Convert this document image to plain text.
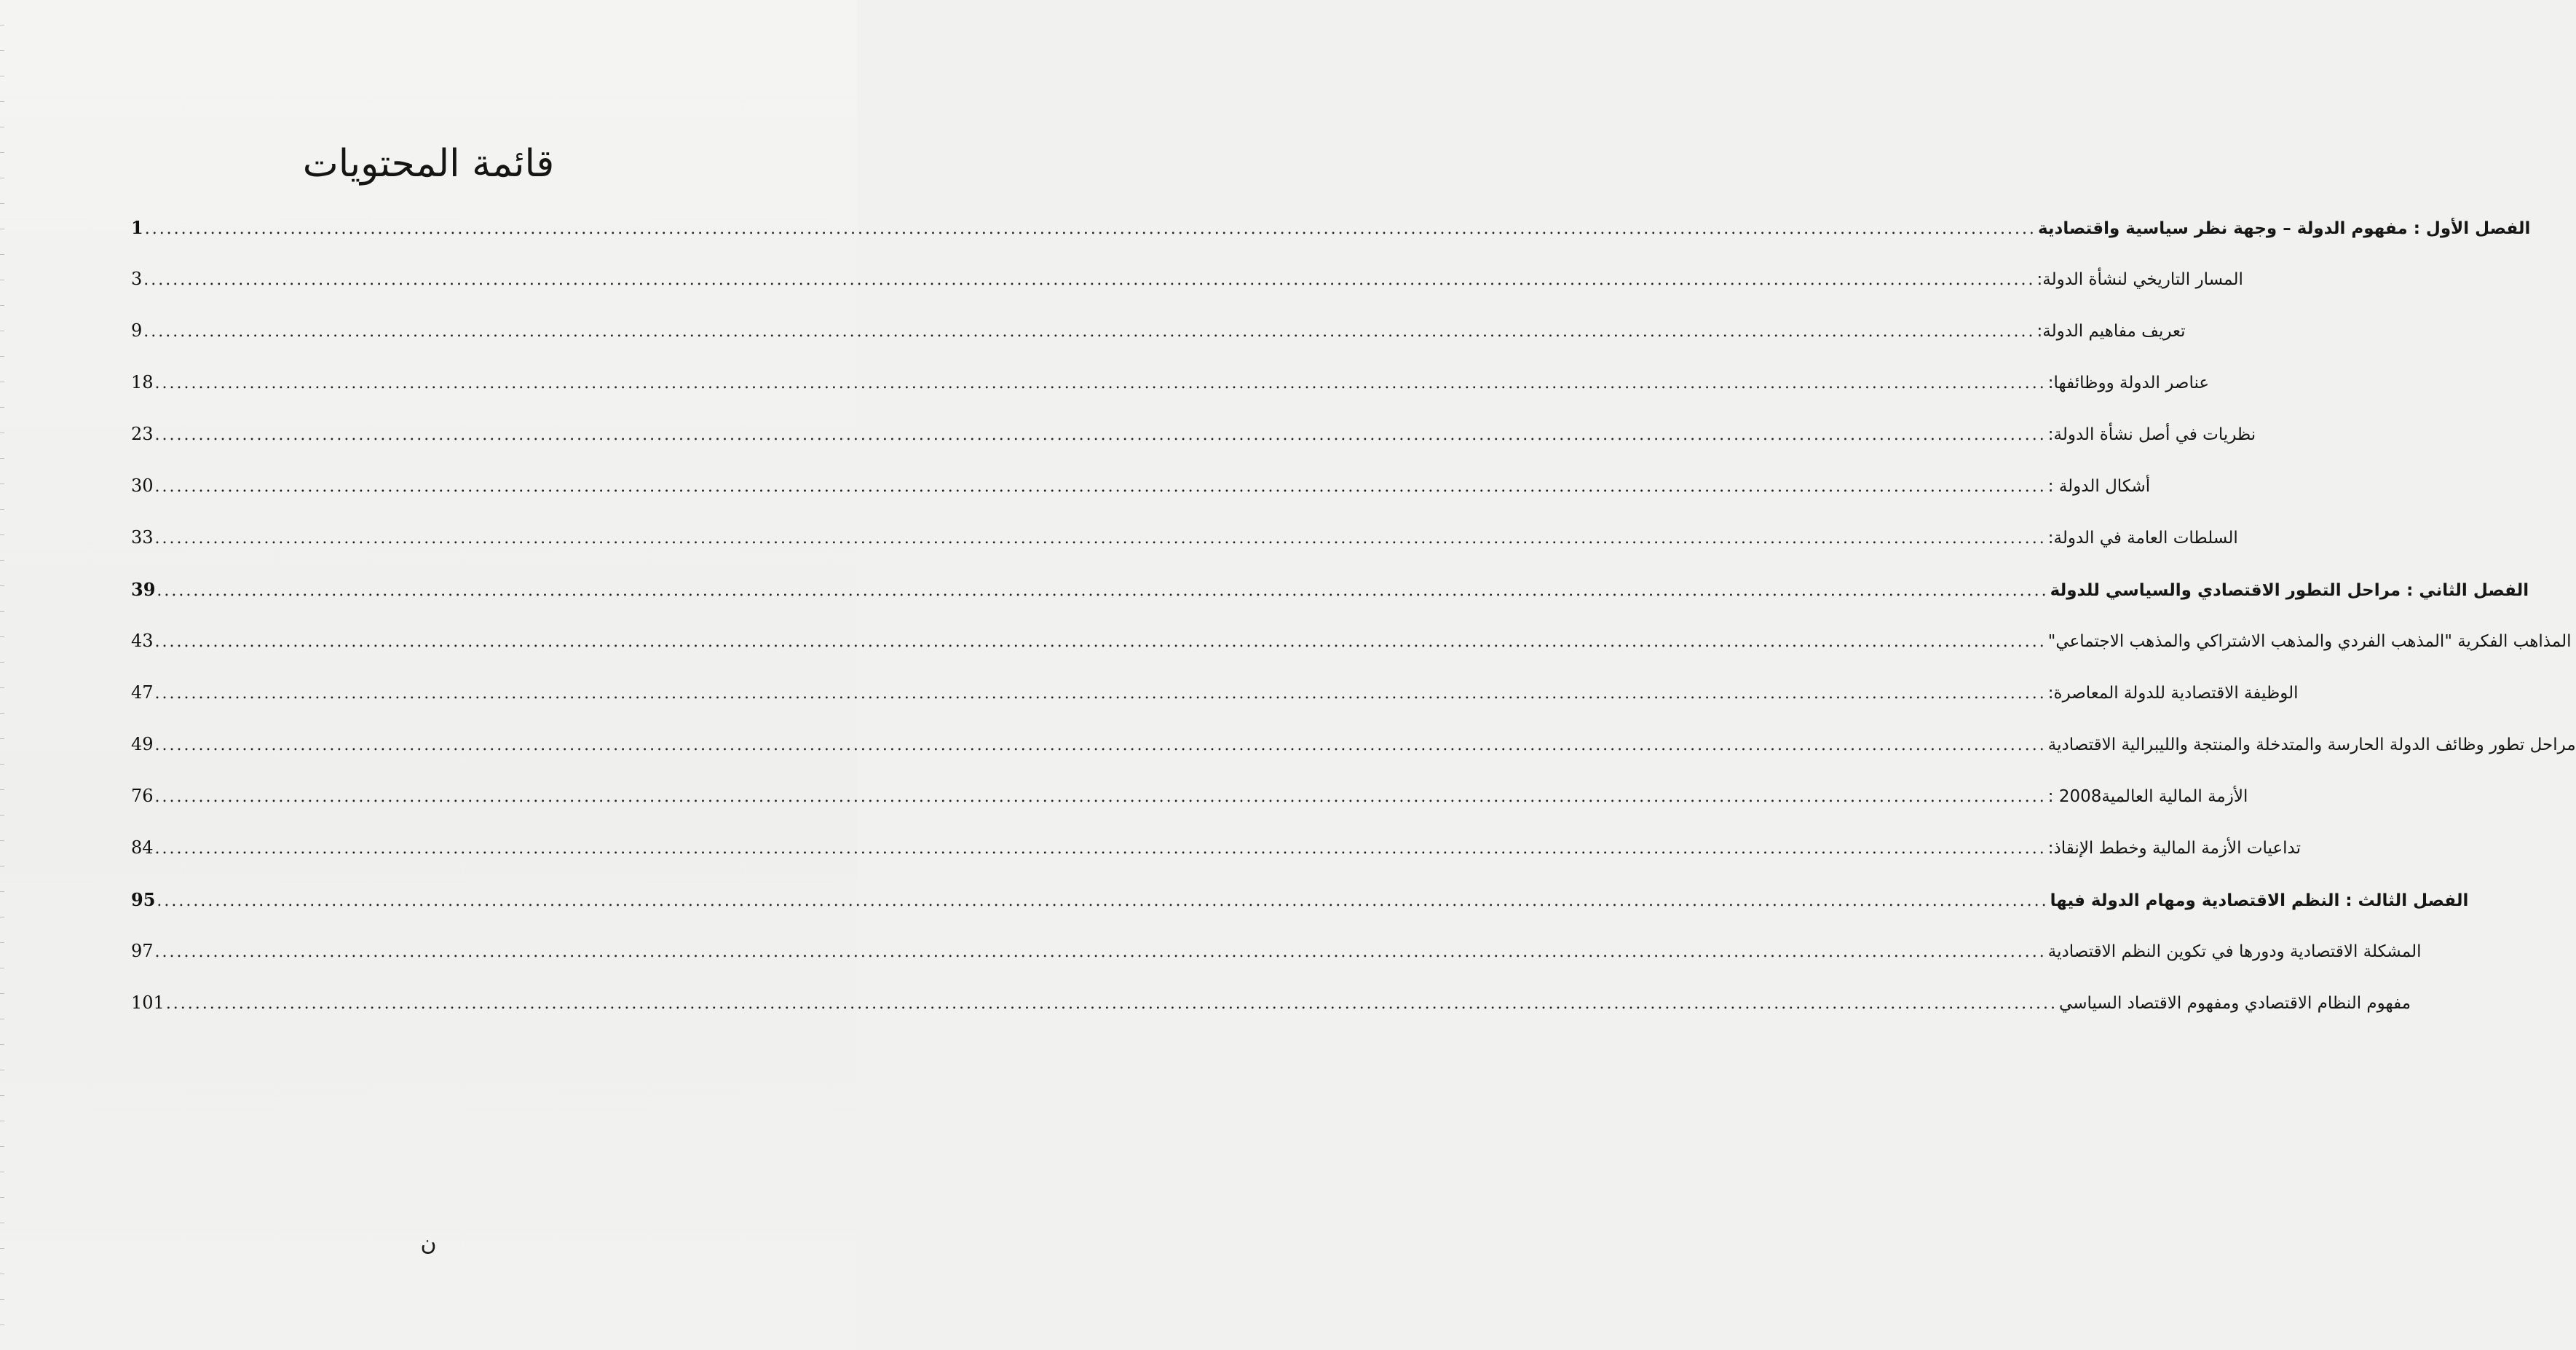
قائمة المحتويات
1 .................................................................................................................................................................................................................................................................... الفصل الأول : مفهوم الدولة – وجهة نظر سياسية واقتصادية
3 .................................................................................................................................................................................................................................................................... المسار التاريخي لنشأة الدولة:
9 .................................................................................................................................................................................................................................................................... تعريف مفاهيم الدولة:
18 .................................................................................................................................................................................................................................................................... عناصر الدولة ووظائفها:
23 .................................................................................................................................................................................................................................................................... نظريات في أصل نشأة الدولة:
30 .................................................................................................................................................................................................................................................................... أشكال الدولة :
33 .................................................................................................................................................................................................................................................................... السلطات العامة في الدولة:
39 .................................................................................................................................................................................................................................................................... الفصل الثاني : مراحل التطور الاقتصادي والسياسي للدولة
43 .................................................................................................................................................................................................................................................................... المذاهب الفكرية "المذهب الفردي والمذهب الاشتراكي والمذهب الاجتماعي"
47 .................................................................................................................................................................................................................................................................... الوظيفة الاقتصادية للدولة المعاصرة:
49 .................................................................................................................................................................................................................................................................... مراحل تطور وظائف الدولة الحارسة والمتدخلة والمنتجة والليبرالية الاقتصادية
76 .................................................................................................................................................................................................................................................................... الأزمة المالية العالمية2008 :
84 .................................................................................................................................................................................................................................................................... تداعيات الأزمة المالية وخطط الإنقاذ:
95 .................................................................................................................................................................................................................................................................... الفصل الثالث : النظم الاقتصادية ومهام الدولة فيها
97 .................................................................................................................................................................................................................................................................... المشكلة الاقتصادية ودورها في تكوين النظم الاقتصادية
101 .................................................................................................................................................................................................................................................................... مفهوم النظام الاقتصادي ومفهوم الاقتصاد السياسي
ن
